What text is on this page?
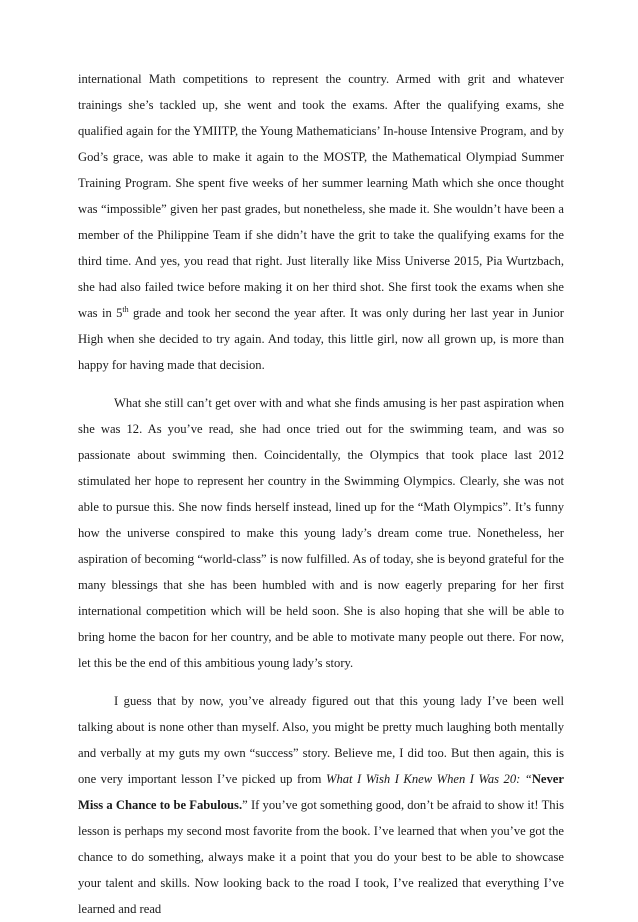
international Math competitions to represent the country. Armed with grit and whatever trainings she’s tackled up, she went and took the exams. After the qualifying exams, she qualified again for the YMIITP, the Young Mathematicians’ In-house Intensive Program, and by God’s grace, was able to make it again to the MOSTP, the Mathematical Olympiad Summer Training Program. She spent five weeks of her summer learning Math which she once thought was “impossible” given her past grades, but nonetheless, she made it. She wouldn’t have been a member of the Philippine Team if she didn’t have the grit to take the qualifying exams for the third time. And yes, you read that right. Just literally like Miss Universe 2015, Pia Wurtzbach, she had also failed twice before making it on her third shot. She first took the exams when she was in 5th grade and took her second the year after. It was only during her last year in Junior High when she decided to try again. And today, this little girl, now all grown up, is more than happy for having made that decision.

What she still can’t get over with and what she finds amusing is her past aspiration when she was 12. As you’ve read, she had once tried out for the swimming team, and was so passionate about swimming then. Coincidentally, the Olympics that took place last 2012 stimulated her hope to represent her country in the Swimming Olympics. Clearly, she was not able to pursue this. She now finds herself instead, lined up for the “Math Olympics”. It’s funny how the universe conspired to make this young lady’s dream come true. Nonetheless, her aspiration of becoming “world-class” is now fulfilled. As of today, she is beyond grateful for the many blessings that she has been humbled with and is now eagerly preparing for her first international competition which will be held soon. She is also hoping that she will be able to bring home the bacon for her country, and be able to motivate many people out there. For now, let this be the end of this ambitious young lady’s story.

I guess that by now, you’ve already figured out that this young lady I’ve been well talking about is none other than myself. Also, you might be pretty much laughing both mentally and verbally at my guts my own “success” story. Believe me, I did too. But then again, this is one very important lesson I’ve picked up from What I Wish I Knew When I Was 20: “Never Miss a Chance to be Fabulous.” If you’ve got something good, don’t be afraid to show it! This lesson is perhaps my second most favorite from the book. I’ve learned that when you’ve got the chance to do something, always make it a point that you do your best to be able to showcase your talent and skills. Now looking back to the road I took, I’ve realized that everything I’ve learned and read
